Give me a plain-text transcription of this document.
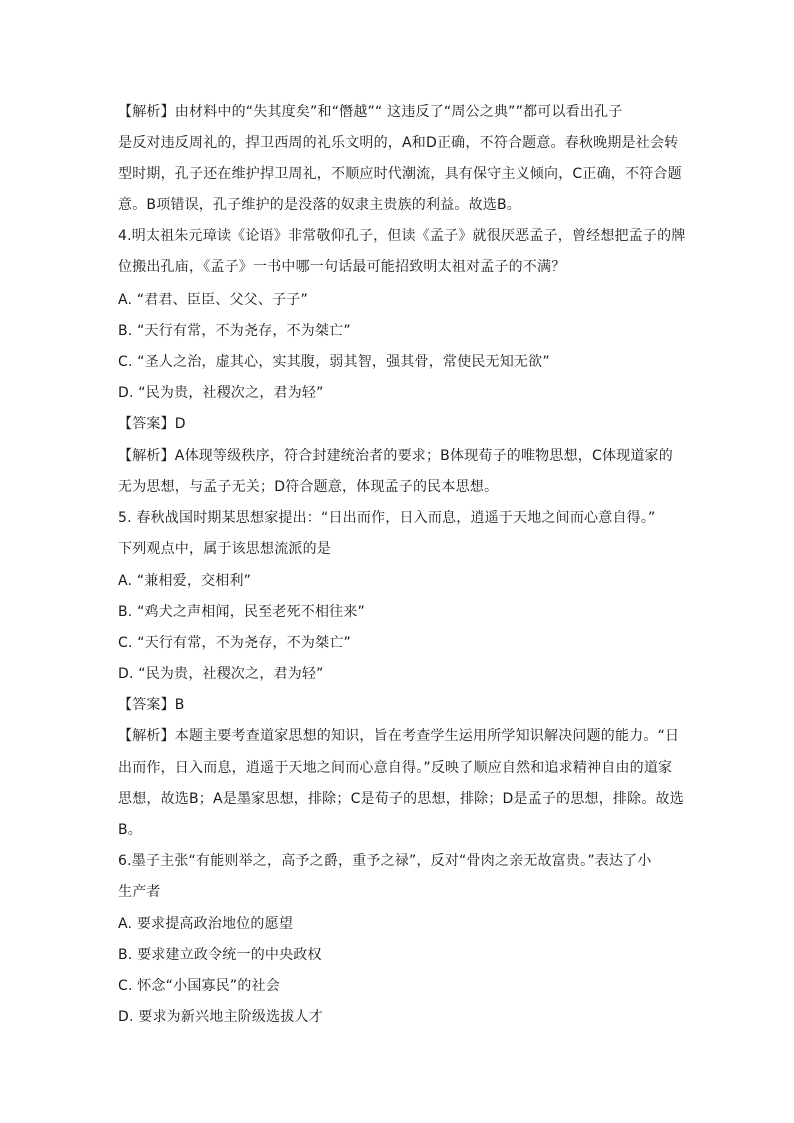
【解析】由材料中的“失其度矣”和“僭越”“ 这违反了“周公之典””都可以看出孔子
是反对违反周礼的，捍卫西周的礼乐文明的，A和D正确，不符合题意。春秋晚期是社会转
型时期，孔子还在维护捍卫周礼，不顺应时代潮流，具有保守主义倾向，C正确，不符合题
意。B项错误，孔子维护的是没落的奴隶主贵族的利益。故选B。
4.明太祖朱元璋读《论语》非常敬仰孔子，但读《孟子》就很厌恶孟子，曾经想把孟子的牌
位搬出孔庙，《孟子》一书中哪一句话最可能招致明太祖对孟子的不满？
A. “君君、臣臣、父父、子子”
B. “天行有常，不为尧存，不为桀亡”
C. “圣人之治，虚其心，实其腹，弱其智，强其骨，常使民无知无欲”
D. “民为贵，社稷次之，君为轻”
【答案】D
【解析】A体现等级秩序，符合封建统治者的要求；B体现荀子的唯物思想，C体现道家的
无为思想，与孟子无关；D符合题意，体现孟子的民本思想。
5. 春秋战国时期某思想家提出：“日出而作，日入而息，逍遥于天地之间而心意自得。”
下列观点中，属于该思想流派的是
A. “兼相爱，交相利”
B. “鸡犬之声相闻，民至老死不相往来”
C. “天行有常，不为尧存，不为桀亡”
D. “民为贵，社稷次之，君为轻”
【答案】B
【解析】本题主要考查道家思想的知识，旨在考查学生运用所学知识解决问题的能力。“日
出而作，日入而息，逍遥于天地之间而心意自得。”反映了顺应自然和追求精神自由的道家
思想，故选B；A是墨家思想，排除；C是荀子的思想，排除；D是孟子的思想，排除。故选
B。
6.墨子主张“有能则举之，高予之爵，重予之禄”，反对“骨肉之亲无故富贵。”表达了小
生产者
A. 要求提高政治地位的愿望
B. 要求建立政令统一的中央政权
C. 怀念“小国寡民”的社会
D. 要求为新兴地主阶级选拔人才
